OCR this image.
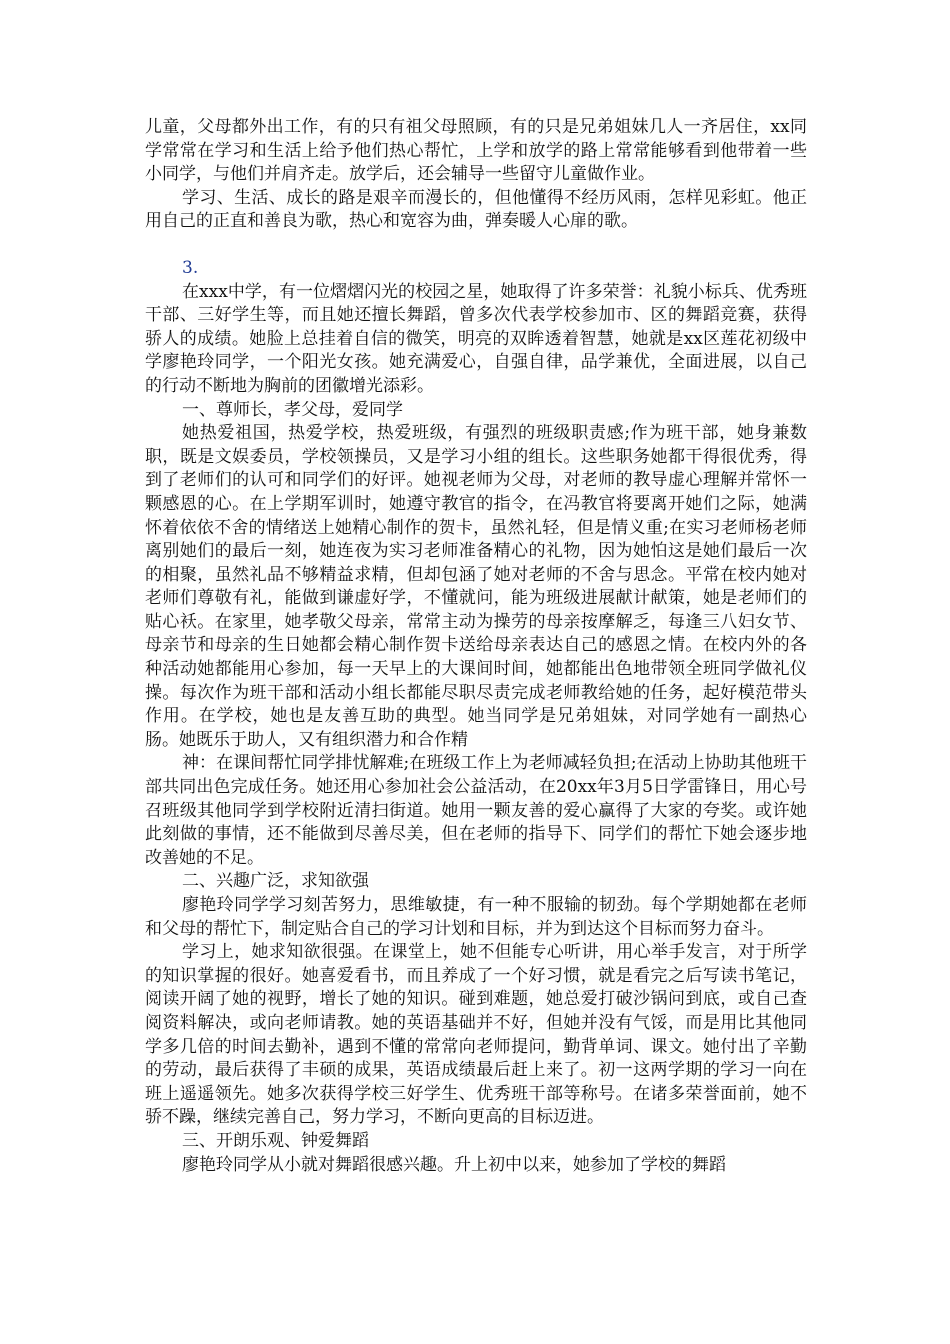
儿童，父母都外出工作，有的只有祖父母照顾，有的只是兄弟姐妹几人一齐居住，xx同学常常在学习和生活上给予他们热心帮忙，上学和放学的路上常常能够看到他带着一些小同学，与他们并肩齐走。放学后，还会辅导一些留守儿童做作业。

学习、生活、成长的路是艰辛而漫长的，但他懂得不经历风雨，怎样见彩虹。他正用自己的正直和善良为歌，热心和宽容为曲，弹奏暖人心扉的歌。

3.

在xxx中学，有一位熠熠闪光的校园之星，她取得了许多荣誉：礼貌小标兵、优秀班干部、三好学生等，而且她还擅长舞蹈，曾多次代表学校参加市、区的舞蹈竞赛，获得骄人的成绩。她脸上总挂着自信的微笑，明亮的双眸透着智慧，她就是xx区莲花初级中学廖艳玲同学，一个阳光女孩。她充满爱心，自强自律，品学兼优，全面进展，以自己的行动不断地为胸前的团徽增光添彩。

一、尊师长，孝父母，爱同学

她热爱祖国，热爱学校，热爱班级，有强烈的班级职责感;作为班干部，她身兼数职，既是文娱委员，学校领操员，又是学习小组的组长。这些职务她都干得很优秀，得到了老师们的认可和同学们的好评。她视老师为父母，对老师的教导虚心理解并常怀一颗感恩的心。在上学期军训时，她遵守教官的指令，在冯教官将要离开她们之际，她满怀着依依不舍的情绪送上她精心制作的贺卡，虽然礼轻，但是情义重;在实习老师杨老师离别她们的最后一刻，她连夜为实习老师准备精心的礼物，因为她怕这是她们最后一次的相聚，虽然礼品不够精益求精，但却包涵了她对老师的不舍与思念。平常在校内她对老师们尊敬有礼，能做到谦虚好学，不懂就问，能为班级进展献计献策，她是老师们的贴心袄。在家里，她孝敬父母亲，常常主动为操劳的母亲按摩解乏，每逢三八妇女节、母亲节和母亲的生日她都会精心制作贺卡送给母亲表达自己的感恩之情。在校内外的各种活动她都能用心参加，每一天早上的大课间时间，她都能出色地带领全班同学做礼仪操。每次作为班干部和活动小组长都能尽职尽责完成老师教给她的任务，起好模范带头作用。在学校，她也是友善互助的典型。她当同学是兄弟姐妹，对同学她有一副热心肠。她既乐于助人，又有组织潜力和合作精

神：在课间帮忙同学排忧解难;在班级工作上为老师减轻负担;在活动上协助其他班干部共同出色完成任务。她还用心参加社会公益活动，在20xx年3月5日学雷锋日，用心号召班级其他同学到学校附近清扫街道。她用一颗友善的爱心赢得了大家的夸奖。或许她此刻做的事情，还不能做到尽善尽美，但在老师的指导下、同学们的帮忙下她会逐步地改善她的不足。

二、兴趣广泛，求知欲强

廖艳玲同学学习刻苦努力，思维敏捷，有一种不服输的韧劲。每个学期她都在老师和父母的帮忙下，制定贴合自己的学习计划和目标，并为到达这个目标而努力奋斗。

学习上，她求知欲很强。在课堂上，她不但能专心听讲，用心举手发言，对于所学的知识掌握的很好。她喜爱看书，而且养成了一个好习惯，就是看完之后写读书笔记，阅读开阔了她的视野，增长了她的知识。碰到难题，她总爱打破沙锅问到底，或自己查阅资料解决，或向老师请教。她的英语基础并不好，但她并没有气馁，而是用比其他同学多几倍的时间去勤补，遇到不懂的常常向老师提问，勤背单词、课文。她付出了辛勤的劳动，最后获得了丰硕的成果，英语成绩最后赶上来了。初一这两学期的学习一向在班上遥遥领先。她多次获得学校三好学生、优秀班干部等称号。在诸多荣誉面前，她不骄不躁，继续完善自己，努力学习，不断向更高的目标迈进。

三、开朗乐观、钟爱舞蹈

廖艳玲同学从小就对舞蹈很感兴趣。升上初中以来，她参加了学校的舞蹈
